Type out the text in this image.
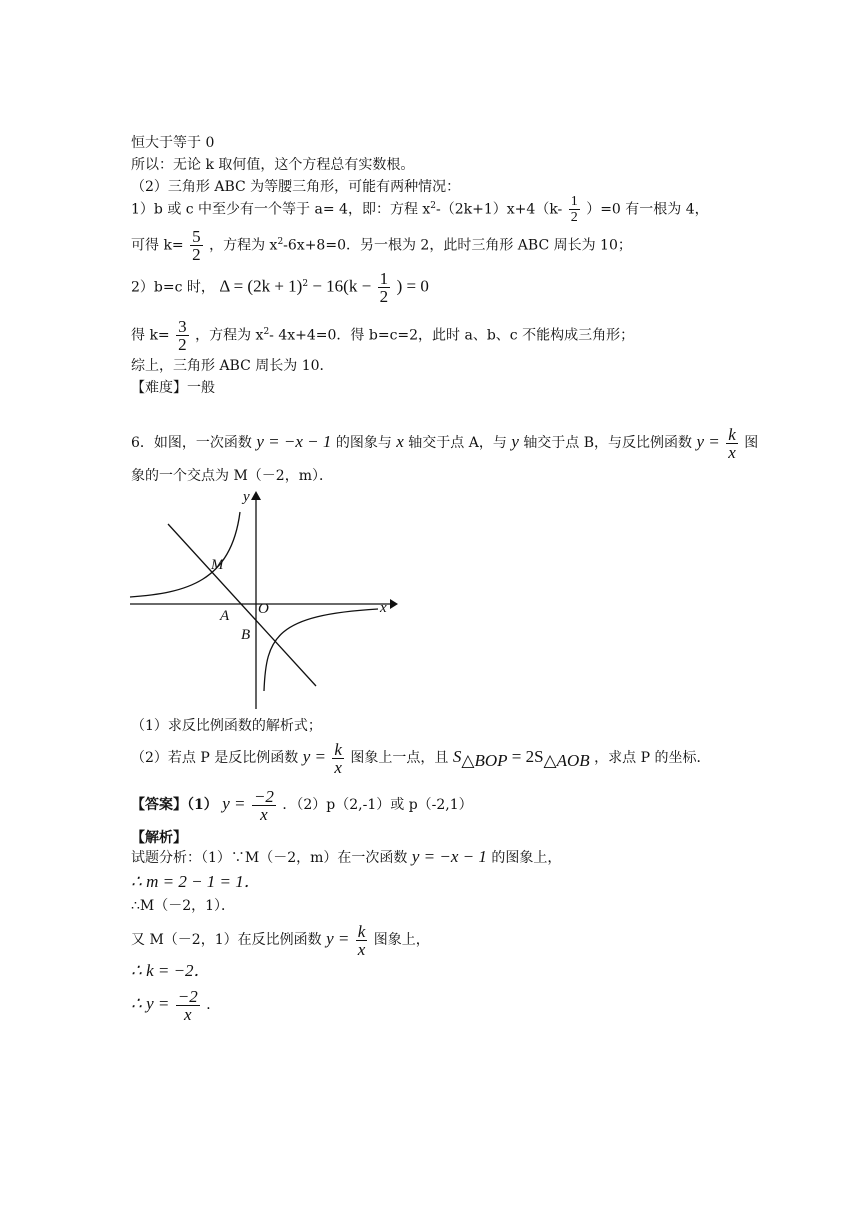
恒大于等于 0
所以：无论 k 取何值，这个方程总有实数根。
（2）三角形 ABC 为等腰三角形，可能有两种情况：
1）b 或 c 中至少有一个等于 a= 4，即：方程 $x^2-(2k+1)x+4(k- \frac{1}{2} )=0$ 有一根为 4，
可得 $k= \frac{5}{2}$ ，方程为 $x^2-6x+8=0$．另一根为 2，此时三角形 ABC 周长为 10；
2）b=c 时， $\Delta = (2k + 1)^2 - 16(k - \frac{1}{2}$ ) = 0
得 $k= \frac{3}{2}$ ，方程为 $x^2-$ 4x+4=0．得 b=c=2，此时 a、b、c 不能构成三角形；
综上，三角形 ABC 周长为 10．
【难度】一般
6．如图，一次函数 y = −x − 1 的图象与 x 轴交于点 A，与 y 轴交于点 B，与反比例函数 $y = \frac{k}{x}$ 图
象的一个交点为 M（－2，m）．
y
x
M
O
A
B
（1）求反比例函数的解析式；
（2）若点 P 是反比例函数 $y = \frac{k}{x}$ 图象上一点，且 $S_{\triangle BOP} = 2S_{\triangle AOB}$ ，求点 P 的坐标．
【答案】（1） $y = \frac{-2}{x}$ ．（2）p（2,-1）或 p（-2,1）
【解析】
试题分析：（1）∵M（－2，m）在一次函数 y = −x − 1 的图象上，
∴ m = 2 − 1 = 1．
∴M（－2，1）．
又 M（－2，1）在反比例函数 $y = \frac{k}{x}$ 图象上，
∴ k = −2．
∴ $y = \frac{-2}{x}$ ．
